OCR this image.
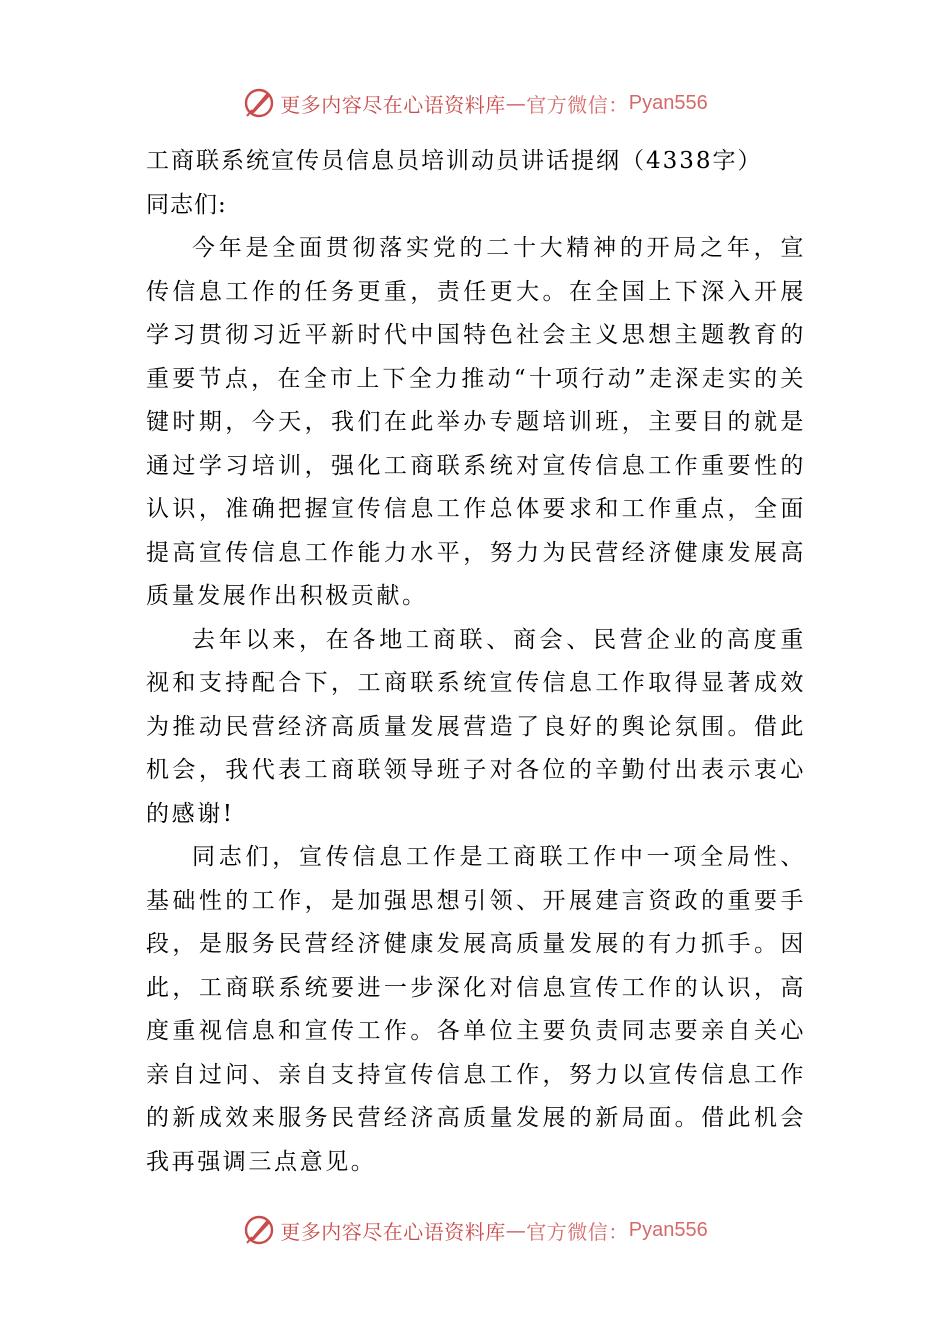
更多内容尽在心语资料库 — 官方微信： Pyan556
工商联系统宣传员信息员培训动员讲话提纲（4338字）
同志们:

今年是全面贯彻落实党的二十大精神的开局之年，宣传信息工作的任务更重，责任更大。在全国上下深入开展学习贯彻习近平新时代中国特色社会主义思想主题教育的重要节点，在全市上下全力推动“十项行动”走深走实的关键时期，今天，我们在此举办专题培训班，主要目的就是通过学习培训，强化工商联系统对宣传信息工作重要性的认识，准确把握宣传信息工作总体要求和工作重点，全面提高宣传信息工作能力水平，努力为民营经济健康发展高质量发展作出积极贡献。

去年以来，在各地工商联、商会、民营企业的高度重视和支持配合下，工商联系统宣传信息工作取得显著成效为推动民营经济高质量发展营造了良好的舆论氛围。借此机会，我代表工商联领导班子对各位的辛勤付出表示衷心的感谢!

同志们，宣传信息工作是工商联工作中一项全局性、基础性的工作，是加强思想引领、开展建言资政的重要手段，是服务民营经济健康发展高质量发展的有力抓手。因此，工商联系统要进一步深化对信息宣传工作的认识，高度重视信息和宣传工作。各单位主要负责同志要亲自关心亲自过问、亲自支持宣传信息工作，努力以宣传信息工作的新成效来服务民营经济高质量发展的新局面。借此机会我再强调三点意见。

更多内容尽在心语资料库 — 官方微信： Pyan556
